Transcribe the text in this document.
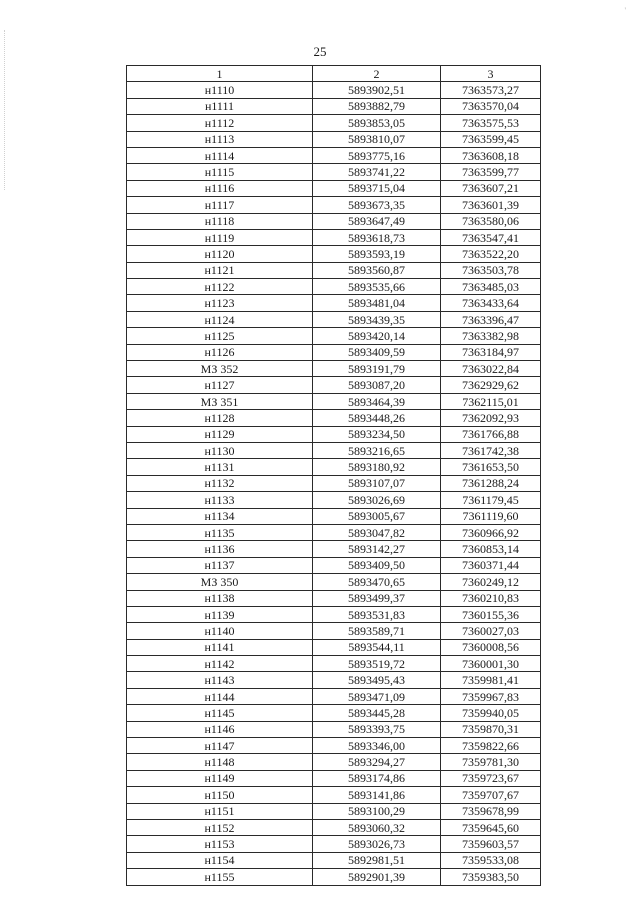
'
25
1	2	3
н1110	5893902,51	7363573,27
н1111	5893882,79	7363570,04
н1112	5893853,05	7363575,53
н1113	5893810,07	7363599,45
н1114	5893775,16	7363608,18
н1115	5893741,22	7363599,77
н1116	5893715,04	7363607,21
н1117	5893673,35	7363601,39
н1118	5893647,49	7363580,06
н1119	5893618,73	7363547,41
н1120	5893593,19	7363522,20
н1121	5893560,87	7363503,78
н1122	5893535,66	7363485,03
н1123	5893481,04	7363433,64
н1124	5893439,35	7363396,47
н1125	5893420,14	7363382,98
н1126	5893409,59	7363184,97
МЗ 352	5893191,79	7363022,84
н1127	5893087,20	7362929,62
МЗ 351	5893464,39	7362115,01
н1128	5893448,26	7362092,93
н1129	5893234,50	7361766,88
н1130	5893216,65	7361742,38
н1131	5893180,92	7361653,50
н1132	5893107,07	7361288,24
н1133	5893026,69	7361179,45
н1134	5893005,67	7361119,60
н1135	5893047,82	7360966,92
н1136	5893142,27	7360853,14
н1137	5893409,50	7360371,44
МЗ 350	5893470,65	7360249,12
н1138	5893499,37	7360210,83
н1139	5893531,83	7360155,36
н1140	5893589,71	7360027,03
н1141	5893544,11	7360008,56
н1142	5893519,72	7360001,30
н1143	5893495,43	7359981,41
н1144	5893471,09	7359967,83
н1145	5893445,28	7359940,05
н1146	5893393,75	7359870,31
н1147	5893346,00	7359822,66
н1148	5893294,27	7359781,30
н1149	5893174,86	7359723,67
н1150	5893141,86	7359707,67
н1151	5893100,29	7359678,99
н1152	5893060,32	7359645,60
н1153	5893026,73	7359603,57
н1154	5892981,51	7359533,08
н1155	5892901,39	7359383,50
